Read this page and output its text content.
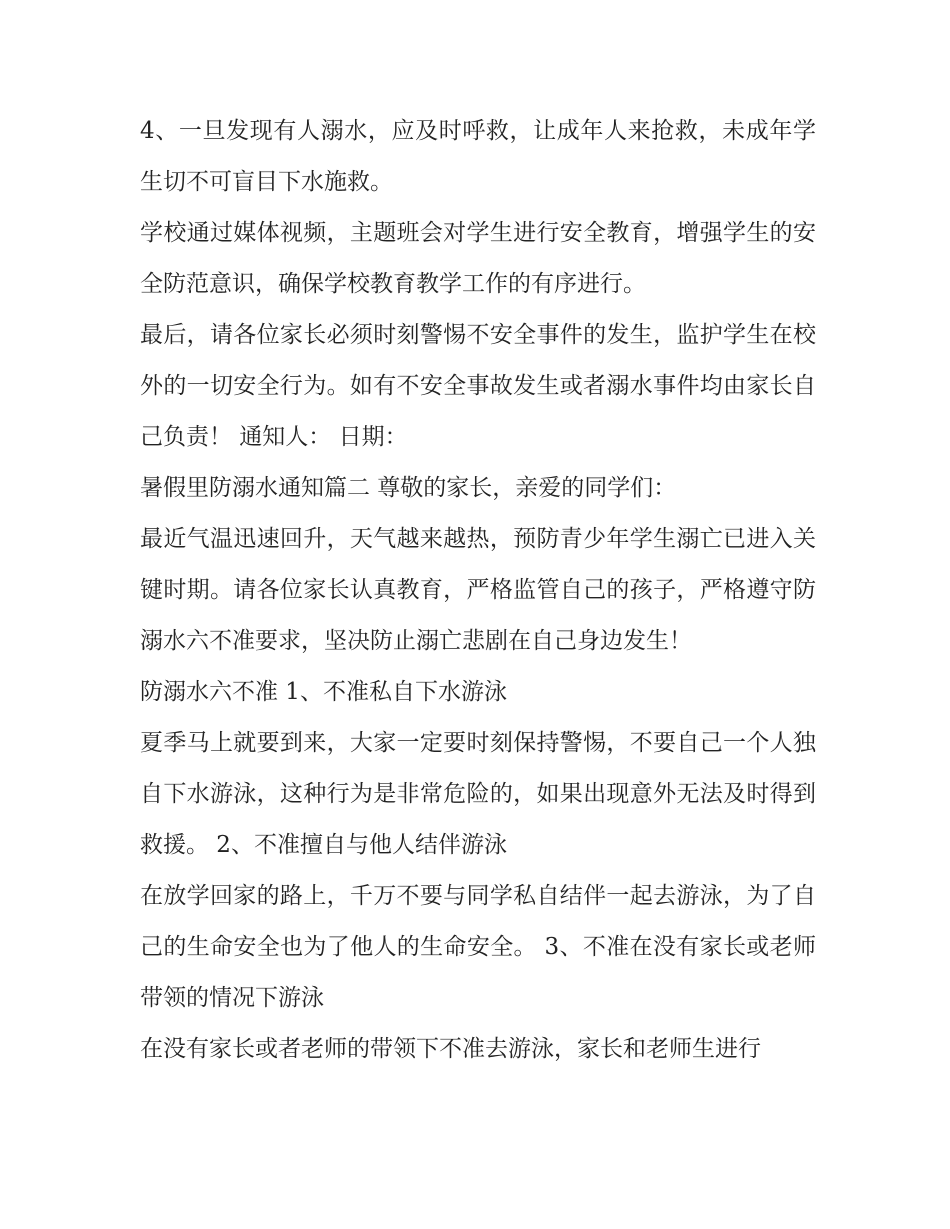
4、一旦发现有人溺水，应及时呼救，让成年人来抢救，未成年学生切不可盲目下水施救。

学校通过媒体视频，主题班会对学生进行安全教育，增强学生的安全防范意识，确保学校教育教学工作的有序进行。

最后，请各位家长必须时刻警惕不安全事件的发生，监护学生在校外的一切安全行为。如有不安全事故发生或者溺水事件均由家长自己负责！ 通知人： 日期：

暑假里防溺水通知篇二 尊敬的家长，亲爱的同学们：

最近气温迅速回升，天气越来越热，预防青少年学生溺亡已进入关键时期。请各位家长认真教育，严格监管自己的孩子，严格遵守防溺水六不准要求，坚决防止溺亡悲剧在自己身边发生！

防溺水六不准 1、不准私自下水游泳

夏季马上就要到来，大家一定要时刻保持警惕，不要自己一个人独自下水游泳，这种行为是非常危险的，如果出现意外无法及时得到救援。 2、不准擅自与他人结伴游泳

在放学回家的路上，千万不要与同学私自结伴一起去游泳，为了自己的生命安全也为了他人的生命安全。 3、不准在没有家长或老师带领的情况下游泳

在没有家长或者老师的带领下不准去游泳，家长和老师生进行
